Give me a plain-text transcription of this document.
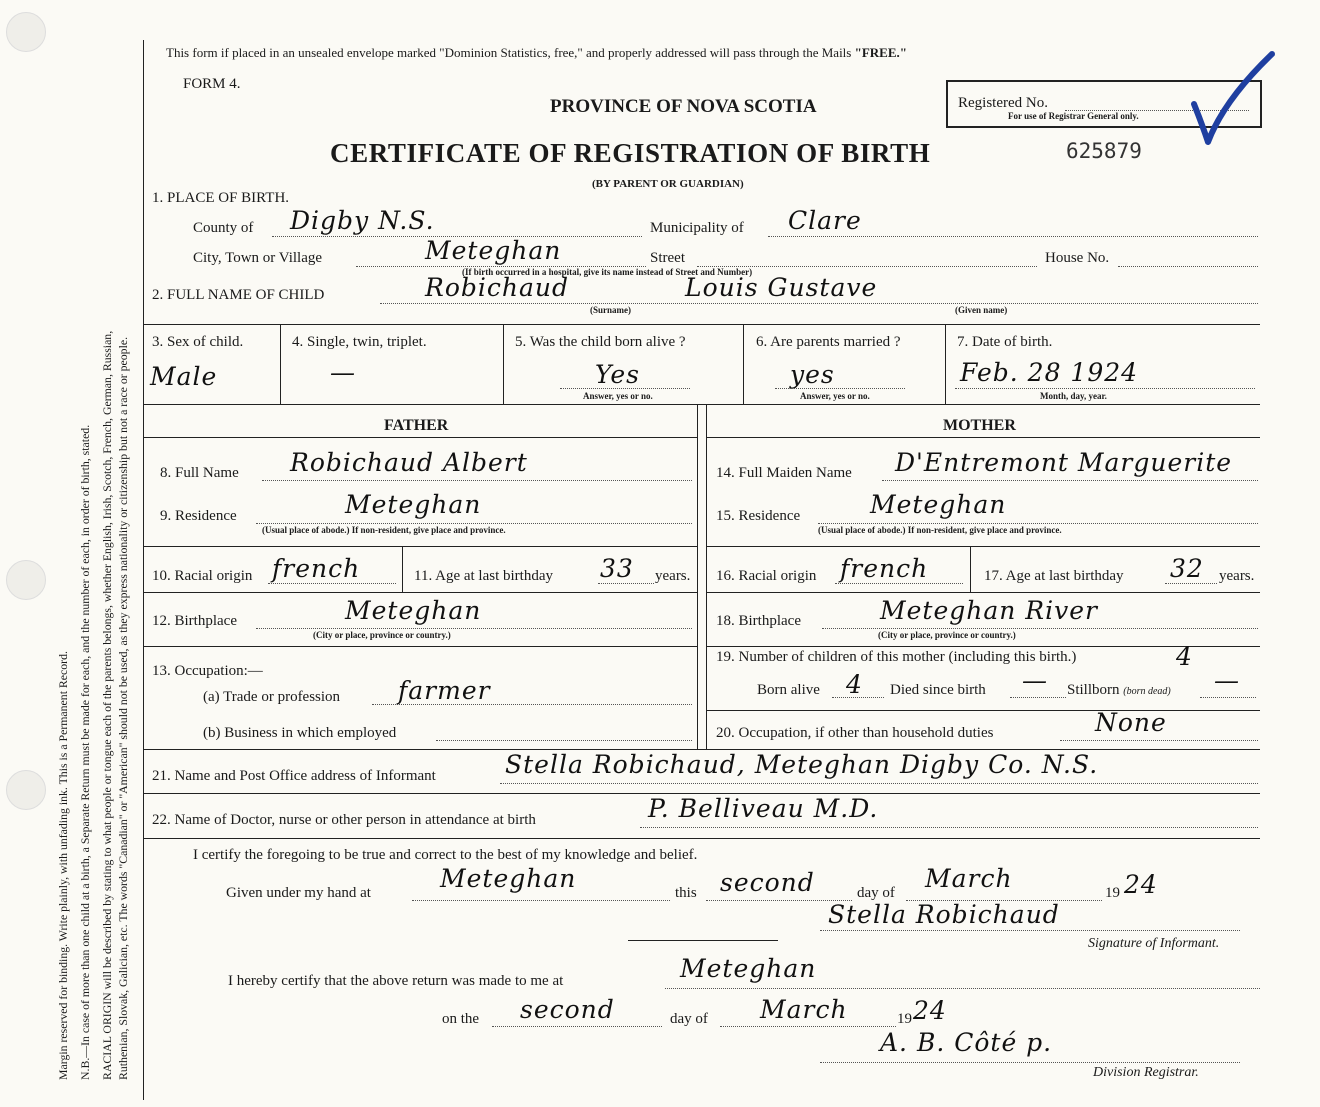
Margin reserved for binding. Write plainly, with unfading ink. This is a Permanent Record. N.B.—In case of more than one child at a birth, a Separate Return must be made for each, and the number of each, in order of birth, stated. RACIAL ORIGIN will be described by stating to what people or tongue each of the parents belongs, whether English, Irish, Scotch, French, German, Russian, Ruthenian, Slovak, Galician, etc. The words "Canadian" or "American" should not be used, as they express nationality or citizenship but not a race or people.
This form if placed in an unsealed envelope marked "Dominion Statistics, free," and properly addressed will pass through the Mails "FREE."
FORM 4.
PROVINCE OF NOVA SCOTIA
CERTIFICATE OF REGISTRATION OF BIRTH
(BY PARENT OR GUARDIAN)
Registered No.
For use of Registrar General only.
625879
1. PLACE OF BIRTH.
County of Digby N.S.	Municipality of Clare
City, Town or Village	Meteghan	Street	House No.
(If birth occurred in a hospital, give its name instead of Street and Number)
2. FULL NAME OF CHILD	Robichaud	Louis Gustave
(Surname)	(Given name)
3. Sex of child.
Male
4. Single, twin, triplet.
—
5. Was the child born alive ?
Yes
Answer, yes or no.
6. Are parents married ?
yes
Answer, yes or no.
7. Date of birth.
Feb. 28 1924
Month, day, year.
FATHER	MOTHER
8. Full Name Robichaud Albert
9. Residence	Meteghan
(Usual place of abode.) If non-resident, give place and province.
10. Racial origin french	11. Age at last birthday 33 years.
12. Birthplace	Meteghan
(City or place, province or country.)
13. Occupation:—
(a) Trade or profession farmer
(b) Business in which employed
14. Full Maiden Name D'Entremont Marguerite
15. Residence	Meteghan
(Usual place of abode.) If non-resident, give place and province.
16. Racial origin french	17. Age at last birthday 32 years.
18. Birthplace	Meteghan River
(City or place, province or country.)
19. Number of children of this mother (including this birth.)	4
Born alive 4 Died since birth — Stillborn (born dead) —
20. Occupation, if other than household duties	None
21. Name and Post Office address of Informant	Stella Robichaud, Meteghan Digby Co. N.S.
22. Name of Doctor, nurse or other person in attendance at birth	P. Belliveau M.D.
I certify the foregoing to be true and correct to the best of my knowledge and belief.
Given under my hand at	Meteghan	this second	day of March	19 24
Stella Robichaud
Signature of Informant.
I hereby certify that the above return was made to me at	Meteghan
on the second	day of March	19 24
A. B. Côté p.
Division Registrar.
